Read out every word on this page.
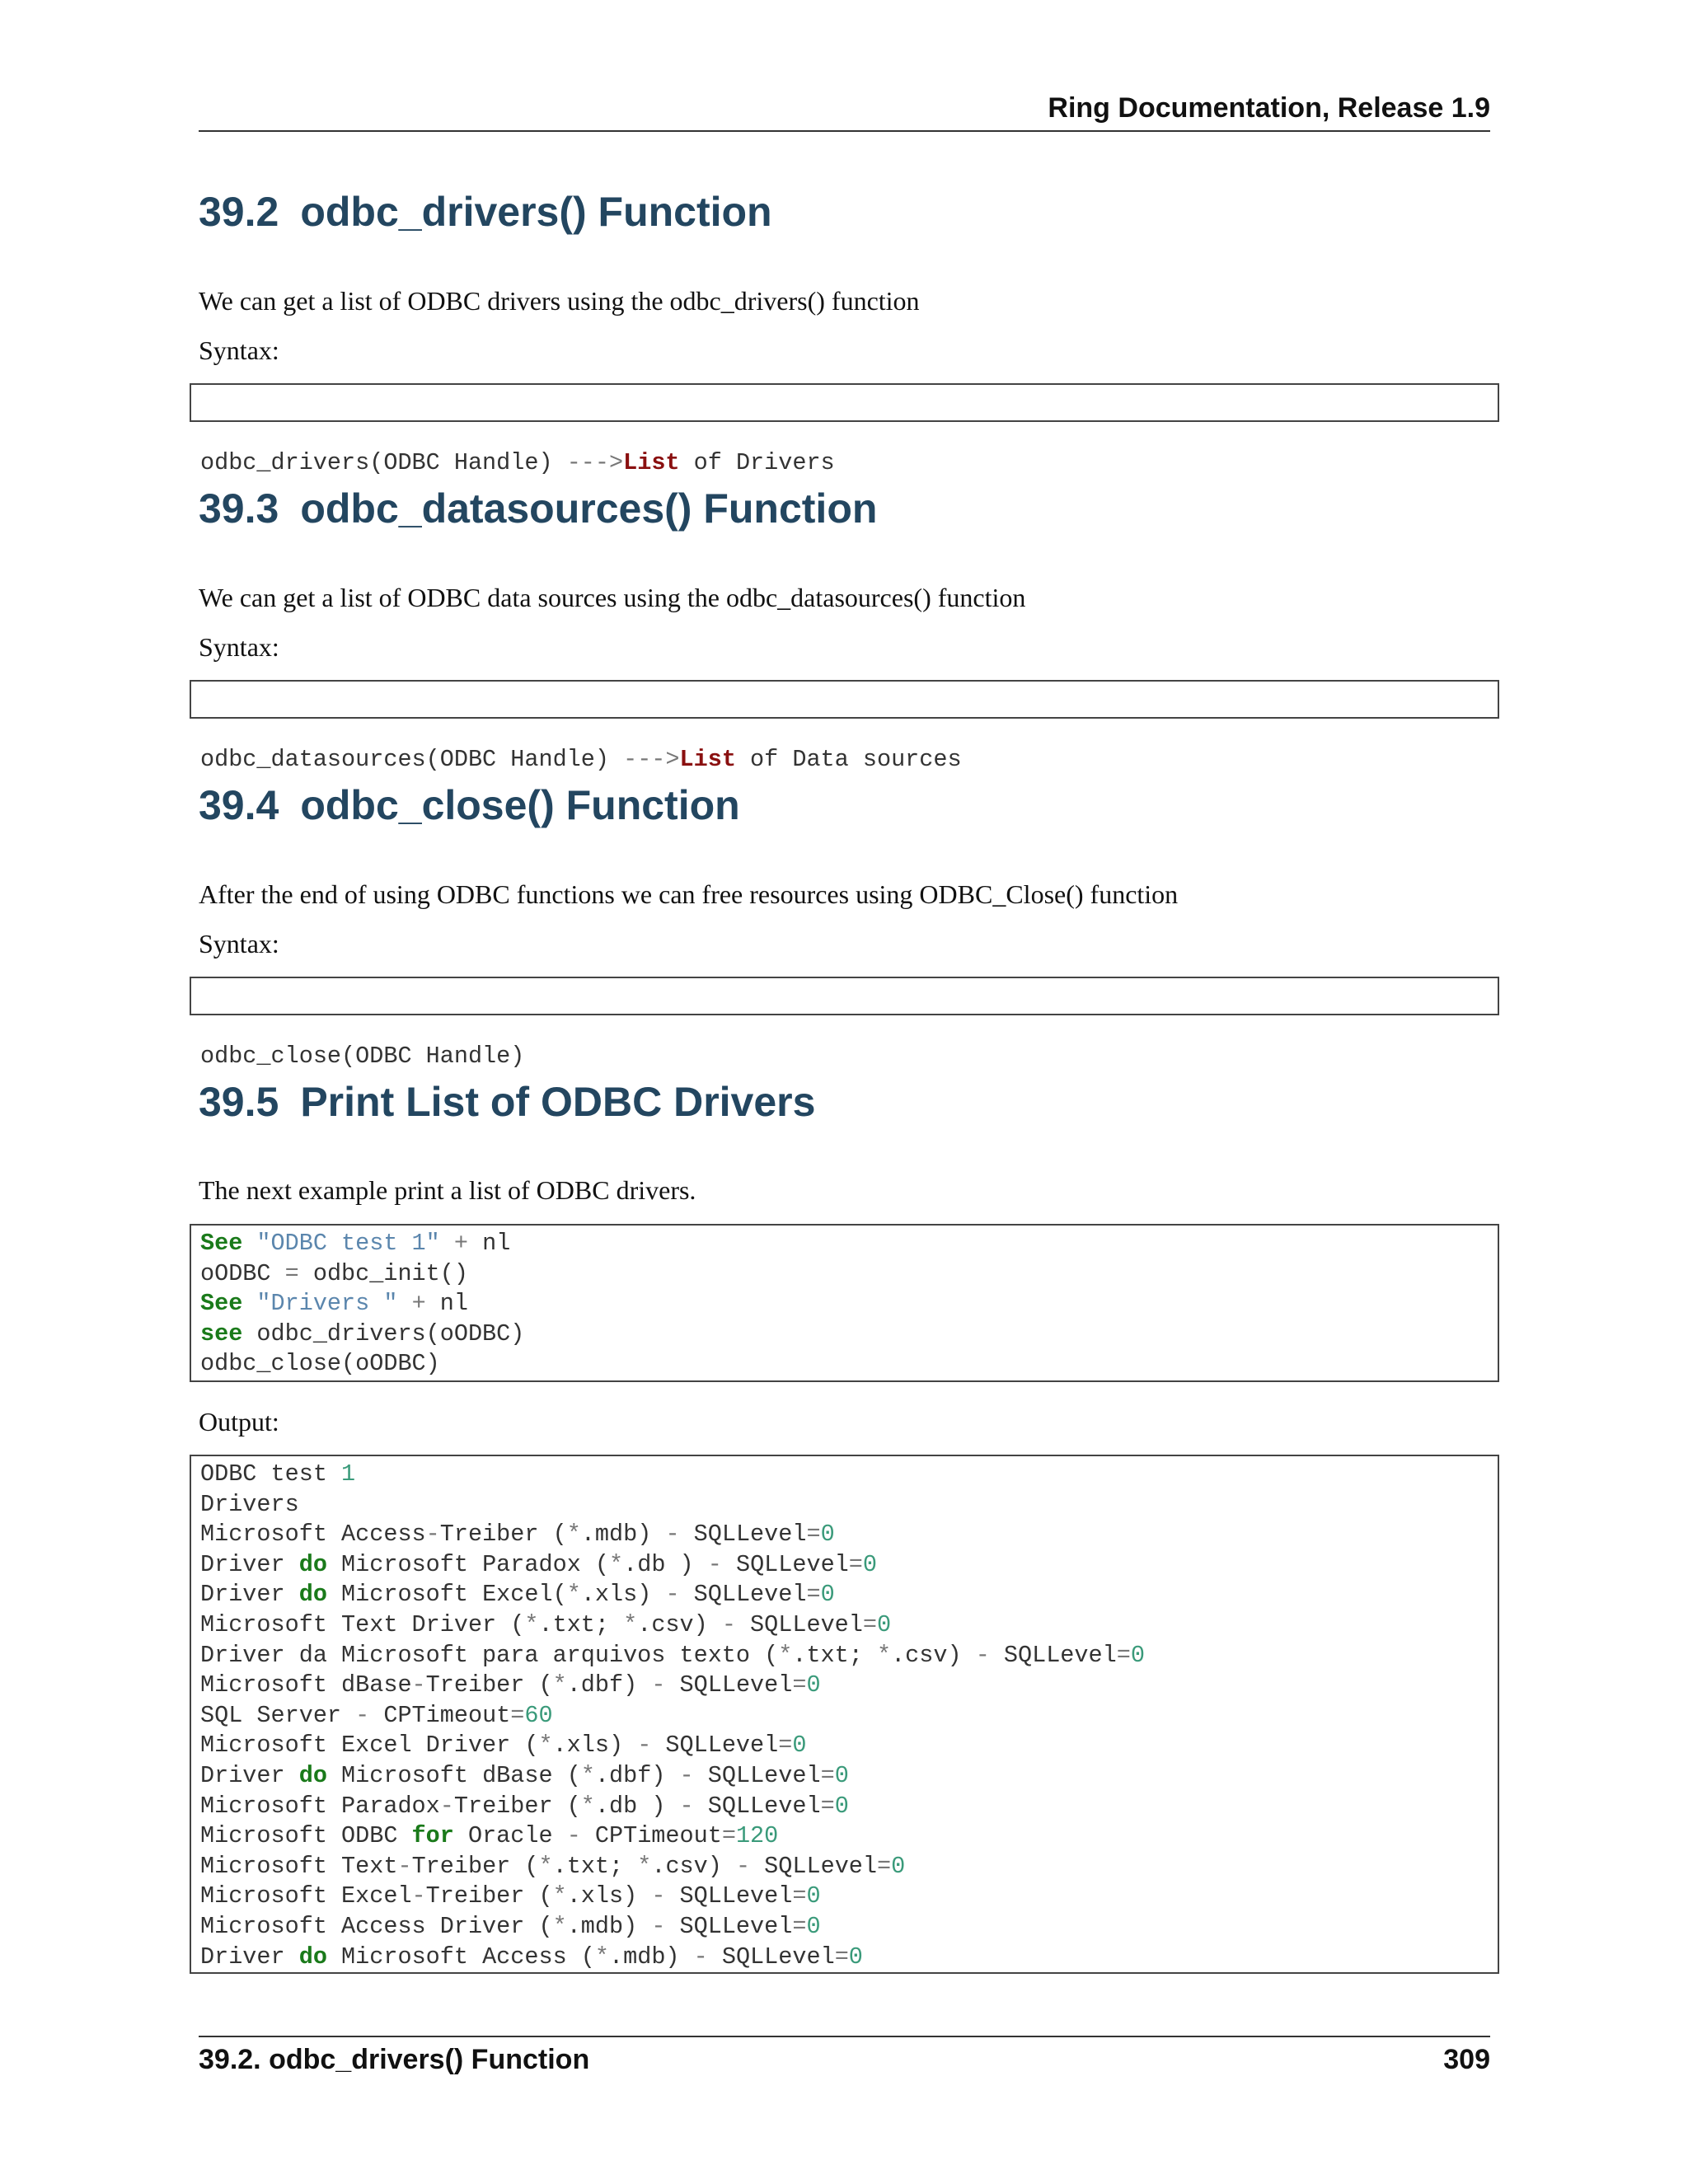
Ring Documentation, Release 1.9
39.2 odbc_drivers() Function

We can get a list of ODBC drivers using the odbc_drivers() function

Syntax:

odbc_drivers(ODBC Handle) --->List of Drivers

39.3 odbc_datasources() Function

We can get a list of ODBC data sources using the odbc_datasources() function

Syntax:

odbc_datasources(ODBC Handle) --->List of Data sources

39.4 odbc_close() Function

After the end of using ODBC functions we can free resources using ODBC_Close() function

Syntax:

odbc_close(ODBC Handle)

39.5 Print List of ODBC Drivers

The next example print a list of ODBC drivers.

See "ODBC test 1" + nl
oODBC = odbc_init()
See "Drivers " + nl
see odbc_drivers(oODBC)
odbc_close(oODBC)

Output:

ODBC test 1
Drivers
Microsoft Access-Treiber (*.mdb) - SQLLevel=0
Driver do Microsoft Paradox (*.db ) - SQLLevel=0
Driver do Microsoft Excel(*.xls) - SQLLevel=0
Microsoft Text Driver (*.txt; *.csv) - SQLLevel=0
Driver da Microsoft para arquivos texto (*.txt; *.csv) - SQLLevel=0
Microsoft dBase-Treiber (*.dbf) - SQLLevel=0
SQL Server - CPTimeout=60
Microsoft Excel Driver (*.xls) - SQLLevel=0
Driver do Microsoft dBase (*.dbf) - SQLLevel=0
Microsoft Paradox-Treiber (*.db ) - SQLLevel=0
Microsoft ODBC for Oracle - CPTimeout=120
Microsoft Text-Treiber (*.txt; *.csv) - SQLLevel=0
Microsoft Excel-Treiber (*.xls) - SQLLevel=0
Microsoft Access Driver (*.mdb) - SQLLevel=0
Driver do Microsoft Access (*.mdb) - SQLLevel=0
39.2. odbc_drivers() Function	309
